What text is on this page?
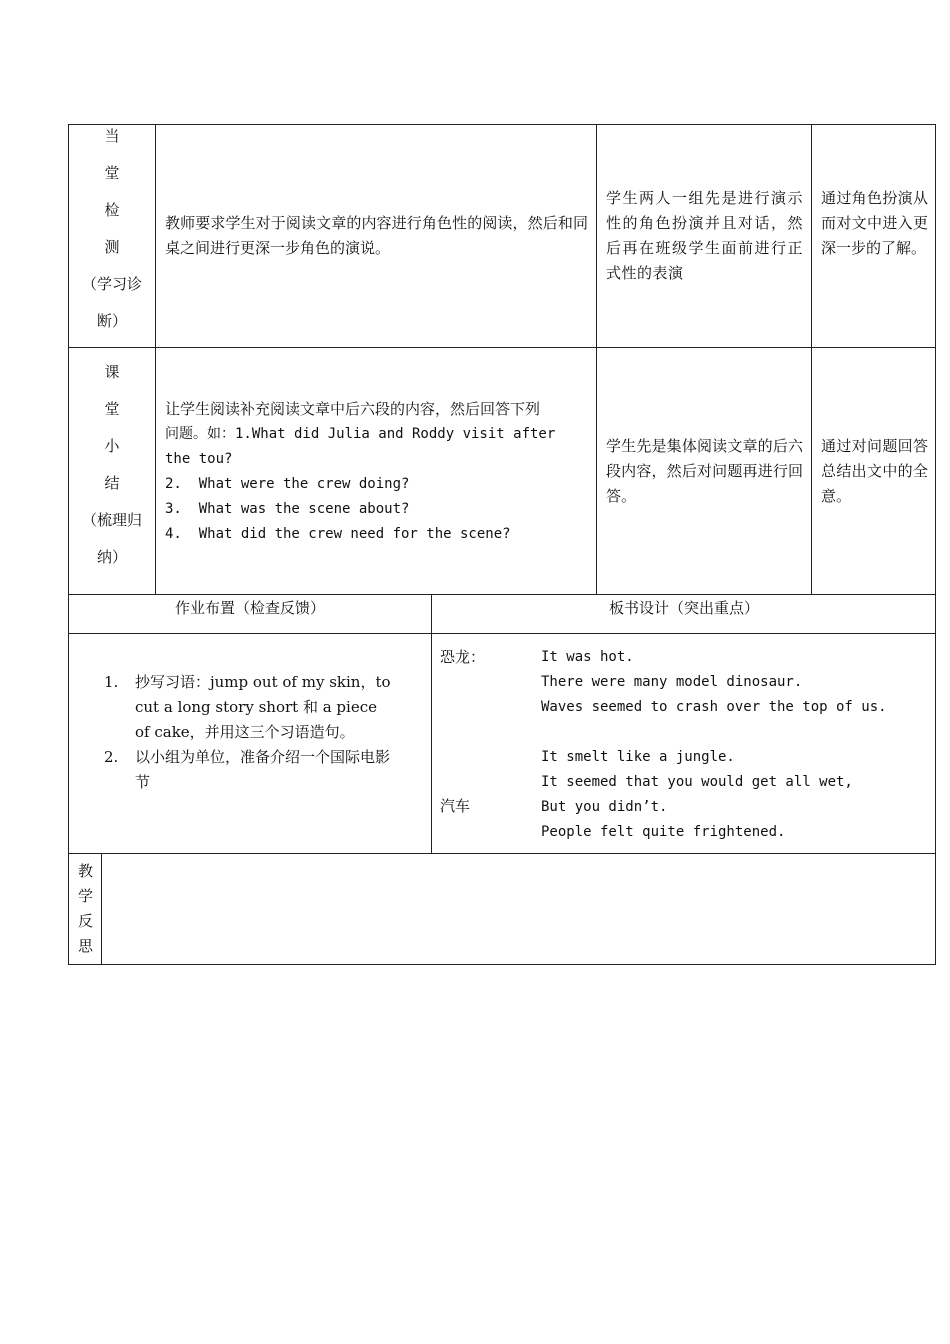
当
堂
检
测
（学习诊
断）
教师要求学生对于阅读文章的内容进行角色性的阅读，然后和同桌之间进行更深一步角色的演说。
学生两人一组先是进行演示性的角色扮演并且对话，然后再在班级学生面前进行正式性的表演
通过角色扮演从而对文中进入更深一步的了解。
课
堂
小
结
（梳理归
纳）
让学生阅读补充阅读文章中后六段的内容，然后回答下列
问题。如：1.What did Julia and Roddy visit after
the tou?
2.  What were the crew doing?
3.  What was the scene about?
4.  What did the crew need for the scene?
学生先是集体阅读文章的后六段内容，然后对问题再进行回答。
通过对问题回答总结出文中的全意。
作业布置（检查反馈）	板书设计（突出重点）
1. 抄写习语：jump out of my skin，to
cut a long story short 和 a piece
of cake，并用这三个习语造句。
2. 以小组为单位，准备介绍一个国际电影
节
恐龙：
汽车
It was hot.
There were many model dinosaur.
Waves seemed to crash over the top of us.
It smelt like a jungle.
It seemed that you would get all wet,
But you didn’t.
People felt quite frightened.
教
学
反
思
